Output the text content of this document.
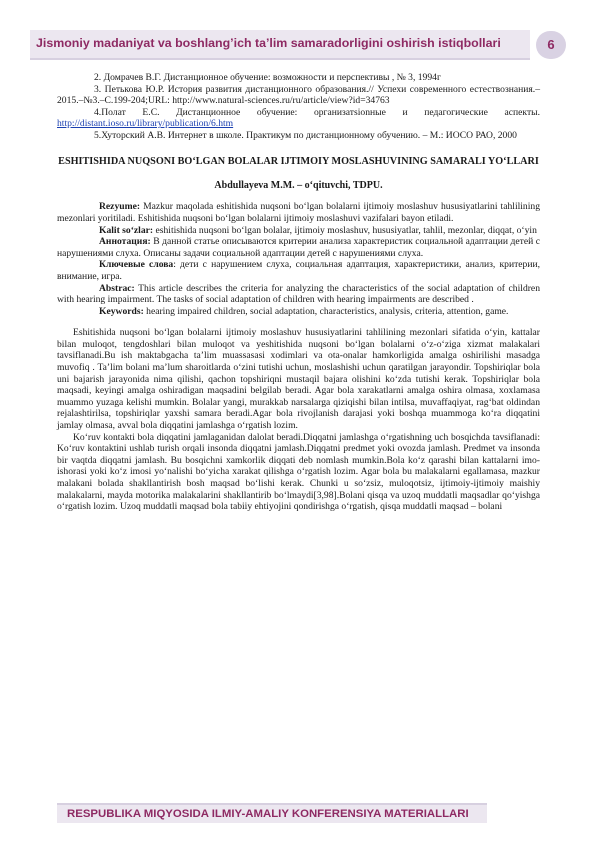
Jismoniy madaniyat va boshlang’ich ta’lim samaradorligini oshirish istiqbollari	6

2. Домрачев В.Г. Дистанционное обучение: возможности и перспективы , № 3, 1994г

3. Петькова Ю.Р. История развития дистанционного образования.// Успехи современного естествознания.–2015.–№3.–С.199-204;URL: http://www.natural-sciences.ru/ru/article/view?id=34763

4.Полат Е.С. Дистанционное обучение: организатsionные и педагогические аспекты. http://distant.ioso.ru/library/publication/6.htm

5.Хуторский А.В. Интернет в школе. Практикум по дистанционному обучению. – М.: ИОСО РАО, 2000

ESHITISHIDA NUQSONI BO‘LGAN BOLALAR IJTIMOIY MOSLASHUVINING SAMARALI YO‘LLARI

Abdullayeva M.M. – o‘qituvchi, TDPU.

Rezyume: Mazkur maqolada eshitishida nuqsoni bo‘lgan bolalarni ijtimoiy moslashuv hususiyatlarini tahlilining mezonlari yoritiladi. Eshitishida nuqsoni bo‘lgan bolalarni ijtimoiy moslashuvi vazifalari bayon etiladi.

Kalit so‘zlar: eshitishida nuqsoni bo‘lgan bolalar, ijtimoiy moslashuv, hususiyatlar, tahlil, mezonlar, diqqat, o‘yin

Аннотация: В данной статье описываются критерии анализа характеристик социальной адаптации детей с нарушениями слуха. Описаны задачи социальной адаптации детей с нарушениями слуха.

Ключевые слова: дети с нарушением слуха, социальная адаптация, характеристики, анализ, критерии, внимание, игра.

Abstrac: This article describes the criteria for analyzing the characteristics of the social adaptation of children with hearing impairment. The tasks of social adaptation of children with hearing impairments are described .

Keywords: hearing impaired children, social adaptation, characteristics, analysis, criteria, attention, game.

Eshitishida nuqsoni bo‘lgan bolalarni ijtimoiy moslashuv hususiyatlarini tahlilining mezonlari sifatida o‘yin, kattalar bilan muloqot, tengdoshlari bilan muloqot va yeshitishida nuqsoni bo‘lgan bolalarni o‘z-o‘ziga xizmat malakalari tavsiflanadi.Bu ish maktabgacha ta’lim muassasasi xodimlari va ota-onalar hamkorligida amalga oshirilishi masadga muvofiq . Ta’lim bolani ma’lum sharoitlarda o‘zini tutishi uchun, moslashishi uchun qaratilgan jarayondir. Topshiriqlar bola uni bajarish jarayonida nima qilishi, qachon topshiriqni mustaqil bajara olishini ko‘zda tutishi kerak. Topshiriqlar bola maqsadi, keyingi amalga oshiradigan maqsadini belgilab beradi. Agar bola xarakatlarni amalga oshira olmasa, xoxlamasa muammo yuzaga kelishi mumkin. Bolalar yangi, murakkab narsalarga qiziqishi bilan intilsa, muvaffaqiyat, rag‘bat oldindan rejalashtirilsa, topshiriqlar yaxshi samara beradi.Agar bola rivojlanish darajasi yoki boshqa muammoga ko‘ra diqqatini jamlay olmasa, avval bola diqqatini jamlashga o‘rgatish lozim.

Ko‘ruv kontakti bola diqqatini jamlaganidan dalolat beradi.Diqqatni jamlashga o‘rgatishning uch bosqichda tavsiflanadi: Ko‘ruv kontaktini ushlab turish orqali insonda diqqatni jamlash.Diqqatni predmet yoki ovozda jamlash. Predmet va insonda bir vaqtda diqqatni jamlash. Bu bosqichni xamkorlik diqqati deb nomlash mumkin.Bola ko‘z qarashi bilan kattalarni imo-ishorasi yoki ko‘z imosi yo‘nalishi bo‘yicha xarakat qilishga o‘rgatish lozim. Agar bola bu malakalarni egallamasa, mazkur malakani bolada shakllantirish bosh maqsad bo‘lishi kerak. Chunki u so‘zsiz, muloqotsiz, ijtimoiy-ijtimoiy maishiy malakalarni, mayda motorika malakalarini shakllantirib bo‘lmaydi[3,98].Bolani qisqa va uzoq muddatli maqsadlar qo‘yishga o‘rgatish lozim. Uzoq muddatli maqsad bola tabiiy ehtiyojini qondirishga o‘rgatish, qisqa muddatli maqsad – bolani

RESPUBLIKA MIQYOSIDA ILMIY-AMALIY KONFERENSIYA MATERIALLARI
